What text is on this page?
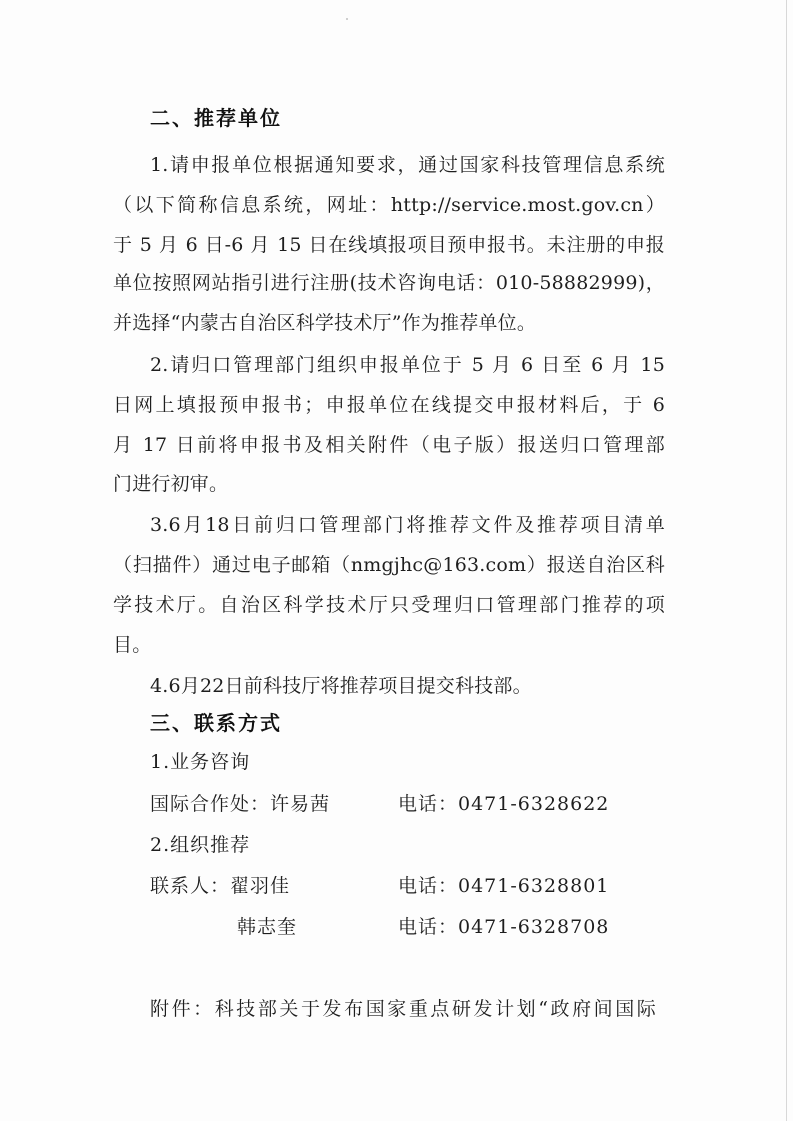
二、推荐单位
1.请申报单位根据通知要求，通过国家科技管理信息系统
（以下简称信息系统，网址：http://service.most.gov.cn）
于 5 月 6 日-6 月 15 日在线填报项目预申报书。未注册的申报
单位按照网站指引进行注册(技术咨询电话：010-58882999)，
并选择“内蒙古自治区科学技术厅”作为推荐单位。
2.请归口管理部门组织申报单位于 5 月 6 日至 6 月 15
日网上填报预申报书；申报单位在线提交申报材料后，于 6
月 17 日前将申报书及相关附件（电子版）报送归口管理部
门进行初审。
3.6月18日前归口管理部门将推荐文件及推荐项目清单
（扫描件）通过电子邮箱（nmgjhc@163.com）报送自治区科
学技术厅。自治区科学技术厅只受理归口管理部门推荐的项
目。
4.6月22日前科技厅将推荐项目提交科技部。
三、联系方式
1.业务咨询
国际合作处：许易茜	电话：0471-6328622
2.组织推荐
联系人：翟羽佳	电话：0471-6328801
韩志奎	电话：0471-6328708
附件：科技部关于发布国家重点研发计划“政府间国际
